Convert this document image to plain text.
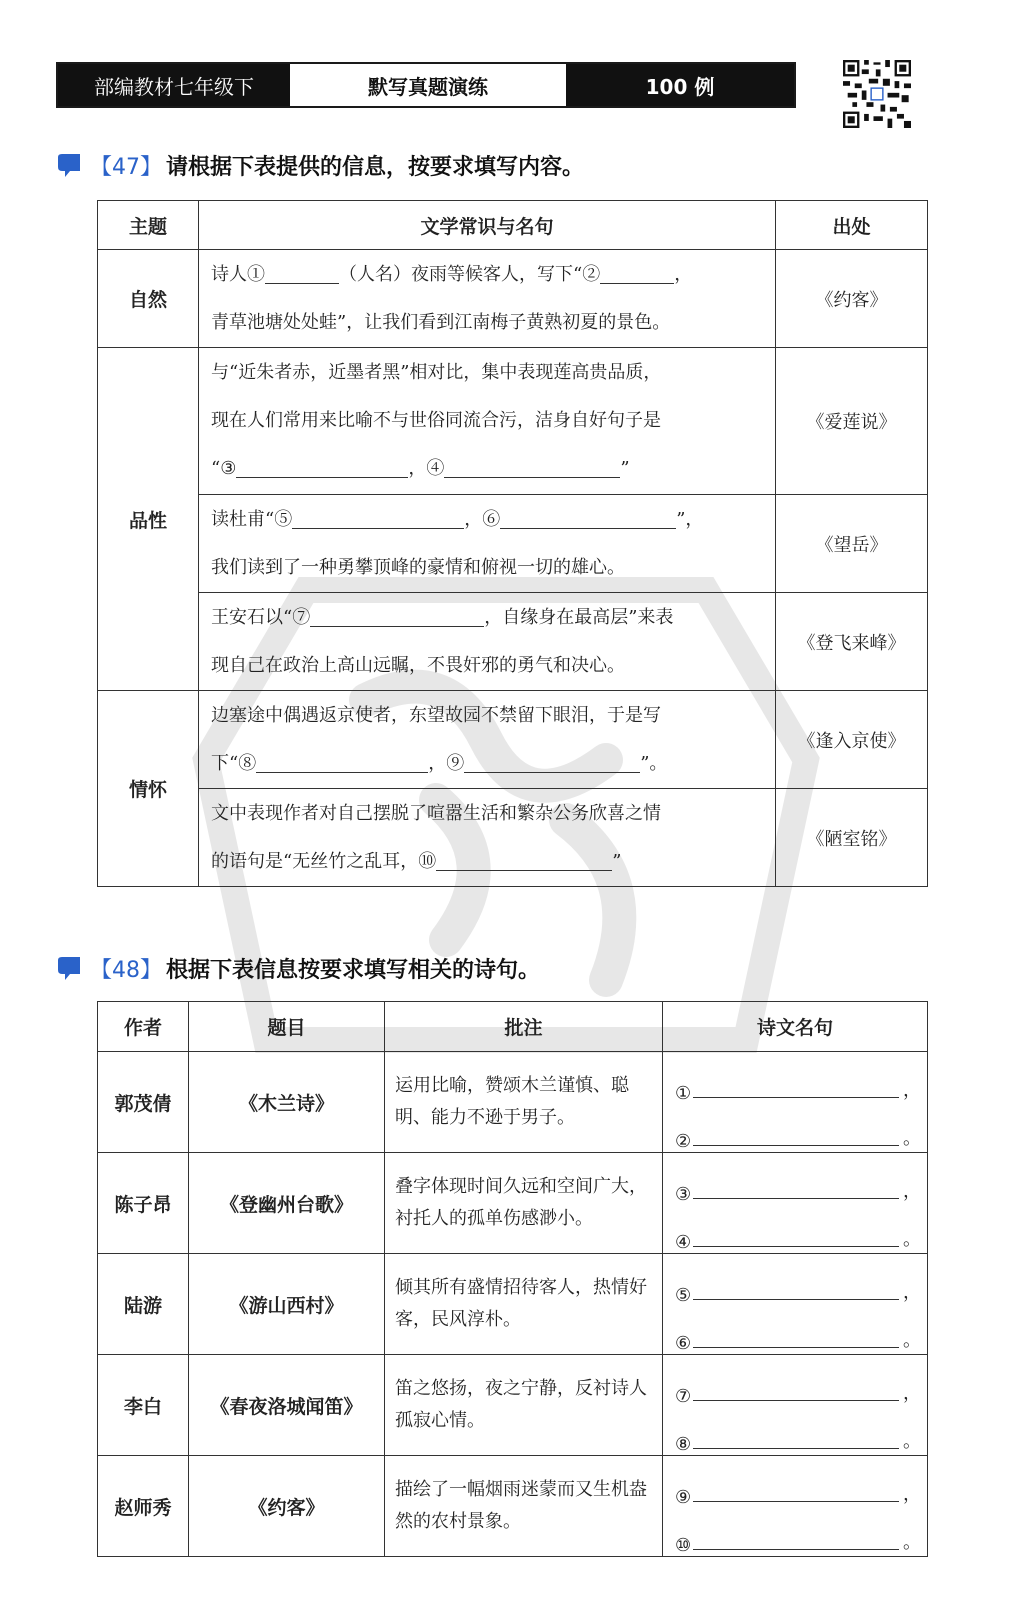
部编教材七年级下	默写真题演练	100 例
【47】 请根据下表提供的信息，按要求填写内容。
主题	文学常识与名句	出处
自然	诗人① （人名）夜雨等候客人，写下“② ，
青草池塘处处蛙”，让我们看到江南梅子黄熟初夏的景色。	《约客》
品性	与“近朱者赤，近墨者黑”相对比，集中表现莲高贵品质，
现在人们常用来比喻不与世俗同流合污，洁身自好句子是
“③ ，④ ”	《爱莲说》
	读杜甫“⑤ ，⑥ ”，
我们读到了一种勇攀顶峰的豪情和俯视一切的雄心。	《望岳》
	王安石以“⑦ ，自缘身在最高层”来表
现自己在政治上高山远瞩，不畏奸邪的勇气和决心。	《登飞来峰》
情怀	边塞途中偶遇返京使者，东望故园不禁留下眼泪，于是写
下“⑧ ，⑨ ”。	《逢入京使》
	文中表现作者对自己摆脱了喧嚣生活和繁杂公务欣喜之情
的语句是“无丝竹之乱耳，⑩ ”	《陋室铭》
【48】 根据下表信息按要求填写相关的诗句。
作者	题目	批注	诗文名句
郭茂倩	《木兰诗》	运用比喻，赞颂木兰谨慎、聪明、能力不逊于男子。	① ，
② 。

陈子昂	《登幽州台歌》	叠字体现时间久远和空间广大，衬托人的孤单伤感渺小。	③ ，
④ 。

陆游	《游山西村》	倾其所有盛情招待客人，热情好客，民风淳朴。	⑤ ，
⑥ 。

李白	《春夜洛城闻笛》	笛之悠扬，夜之宁静，反衬诗人孤寂心情。	⑦ ，
⑧ 。

赵师秀	《约客》	描绘了一幅烟雨迷蒙而又生机盎然的农村景象。	⑨ ，
⑩ 。
